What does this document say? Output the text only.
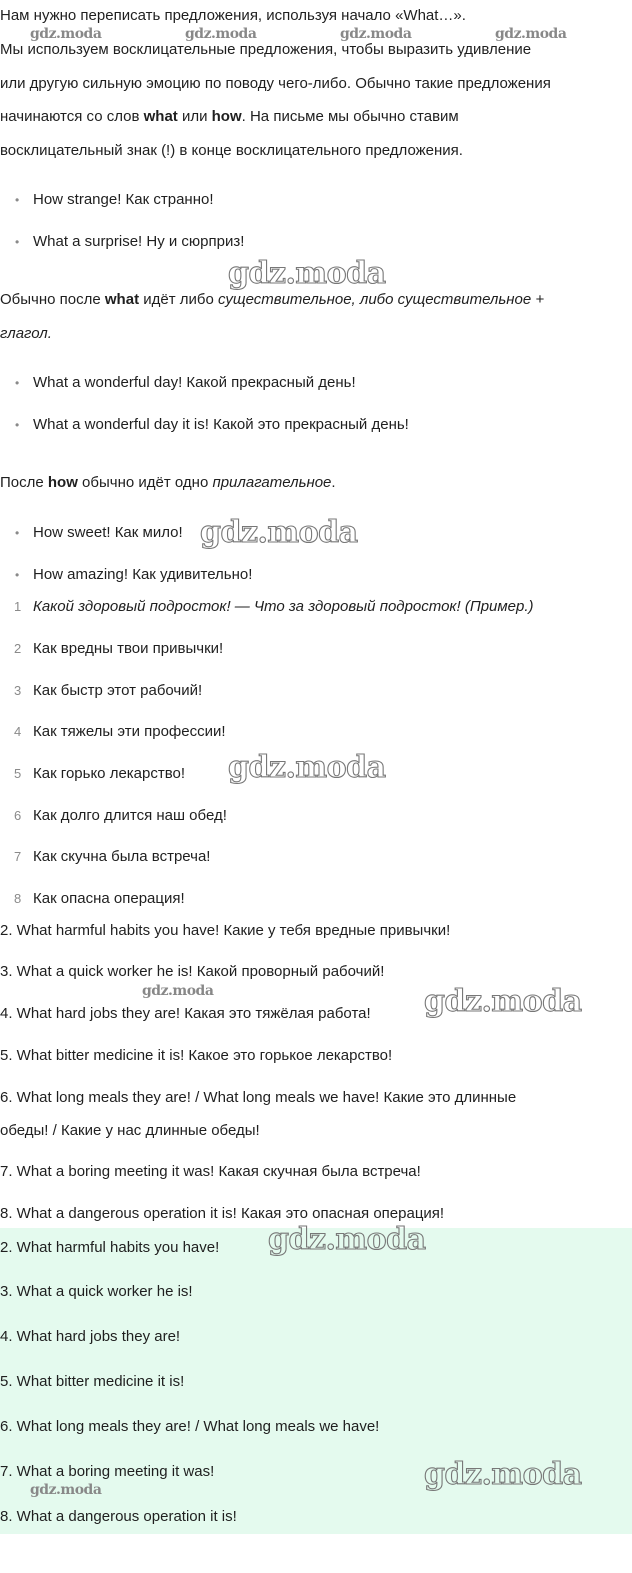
gdz.moda	gdz.moda	gdz.moda	gdz.moda
Нам нужно переписать предложения, используя начало «What…».
Мы используем восклицательные предложения, чтобы выразить удивление
или другую сильную эмоцию по поводу чего-либо. Обычно такие предложения
начинаются со слов what или how. На письме мы обычно ставим
восклицательный знак (!) в конце восклицательного предложения.
• How strange! Как странно!
• What a surprise! Ну и сюрприз!
gdz.moda
Обычно после what идёт либо существительное, либо существительное +
глагол.
• What a wonderful day! Какой прекрасный день!
• What a wonderful day it is! Какой это прекрасный день!
После how обычно идёт одно прилагательное.
• How sweet! Как мило! gdz.moda
• How amazing! Как удивительно!
1 Какой здоровый подросток! — Что за здоровый подросток! (Пример.)
2 Как вредны твои привычки!
3 Как быстр этот рабочий!
4 Как тяжелы эти профессии!
5 Как горько лекарство! gdz.moda
6 Как долго длится наш обед!
7 Как скучна была встреча!
8 Как опасна операция!
2. What harmful habits you have! Какие у тебя вредные привычки!
3. What a quick worker he is! Какой проворный рабочий!
gdz.moda
4. What hard jobs they are! Какая это тяжёлая работа! gdz.moda
5. What bitter medicine it is! Какое это горькое лекарство!
6. What long meals they are! / What long meals we have! Какие это длинные
обеды! / Какие у нас длинные обеды!
7. What a boring meeting it was! Какая скучная была встреча!
8. What a dangerous operation it is! Какая это опасная операция!
2. What harmful habits you have! gdz.moda
3. What a quick worker he is!
4. What hard jobs they are!
5. What bitter medicine it is!
6. What long meals they are! / What long meals we have!
7. What a boring meeting it was!
gdz.moda	gdz.moda
8. What a dangerous operation it is!
